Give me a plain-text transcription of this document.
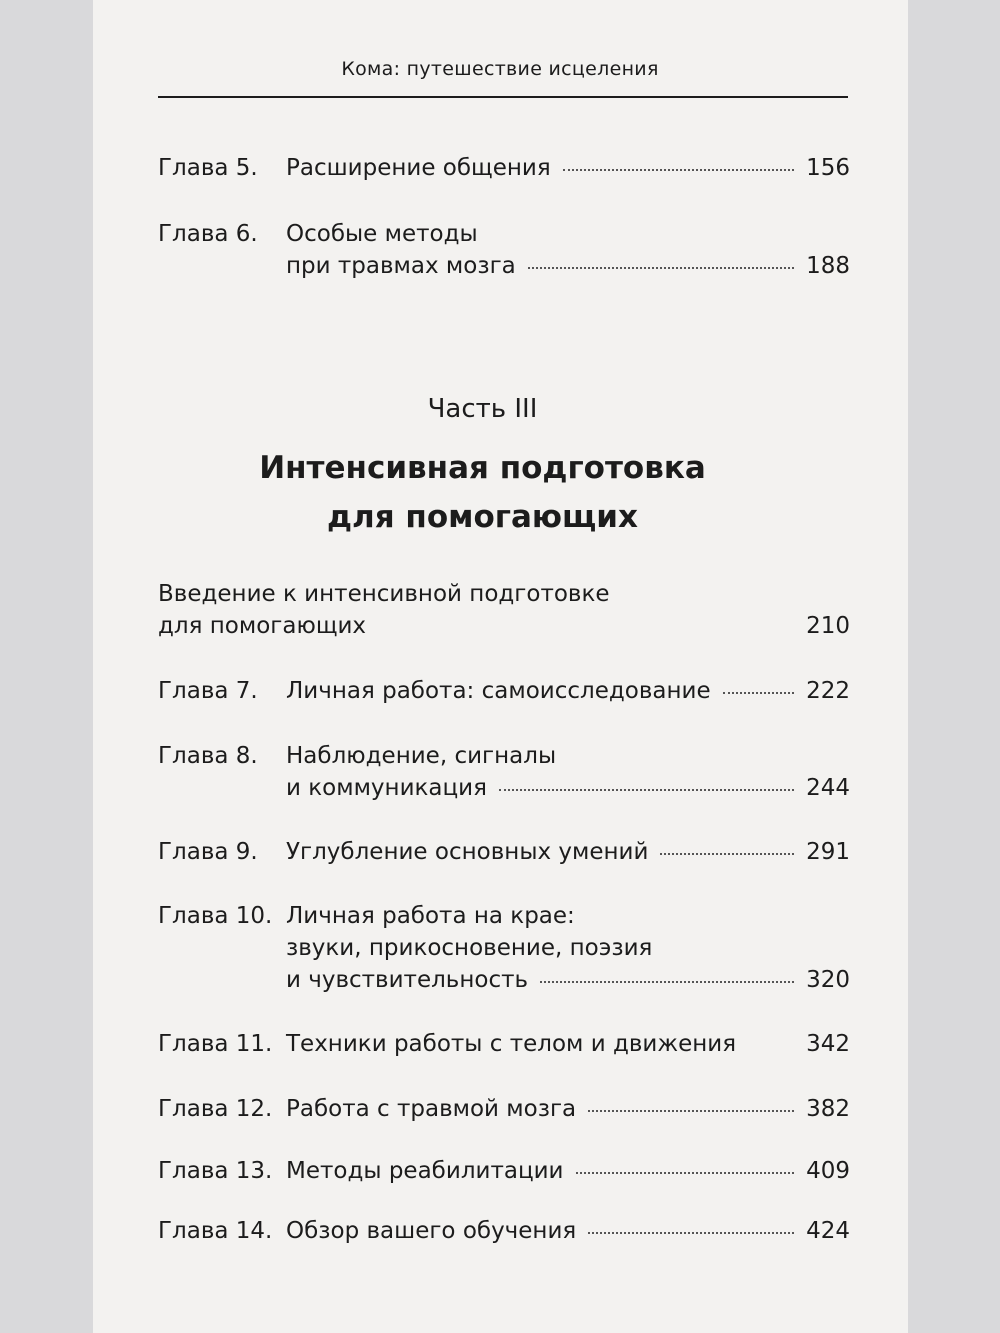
Кома: путешествие исцеления
Глава 5. Расширение общения	156
Глава 6. Особые методы
при травмах мозга	188
Часть III
Интенсивная подготовка
для помогающих
Введение к интенсивной подготовке
для помогающих	210
Глава 7. Личная работа: самоисследование	222
Глава 8. Наблюдение, сигналы
и коммуникация	244
Глава 9. Углубление основных умений	291
Глава 10. Личная работа на крае:
звуки, прикосновение, поэзия
и чувствительность	320
Глава 11. Техники работы с телом и движения	342
Глава 12. Работа с травмой мозга	382
Глава 13. Методы реабилитации	409
Глава 14. Обзор вашего обучения	424
